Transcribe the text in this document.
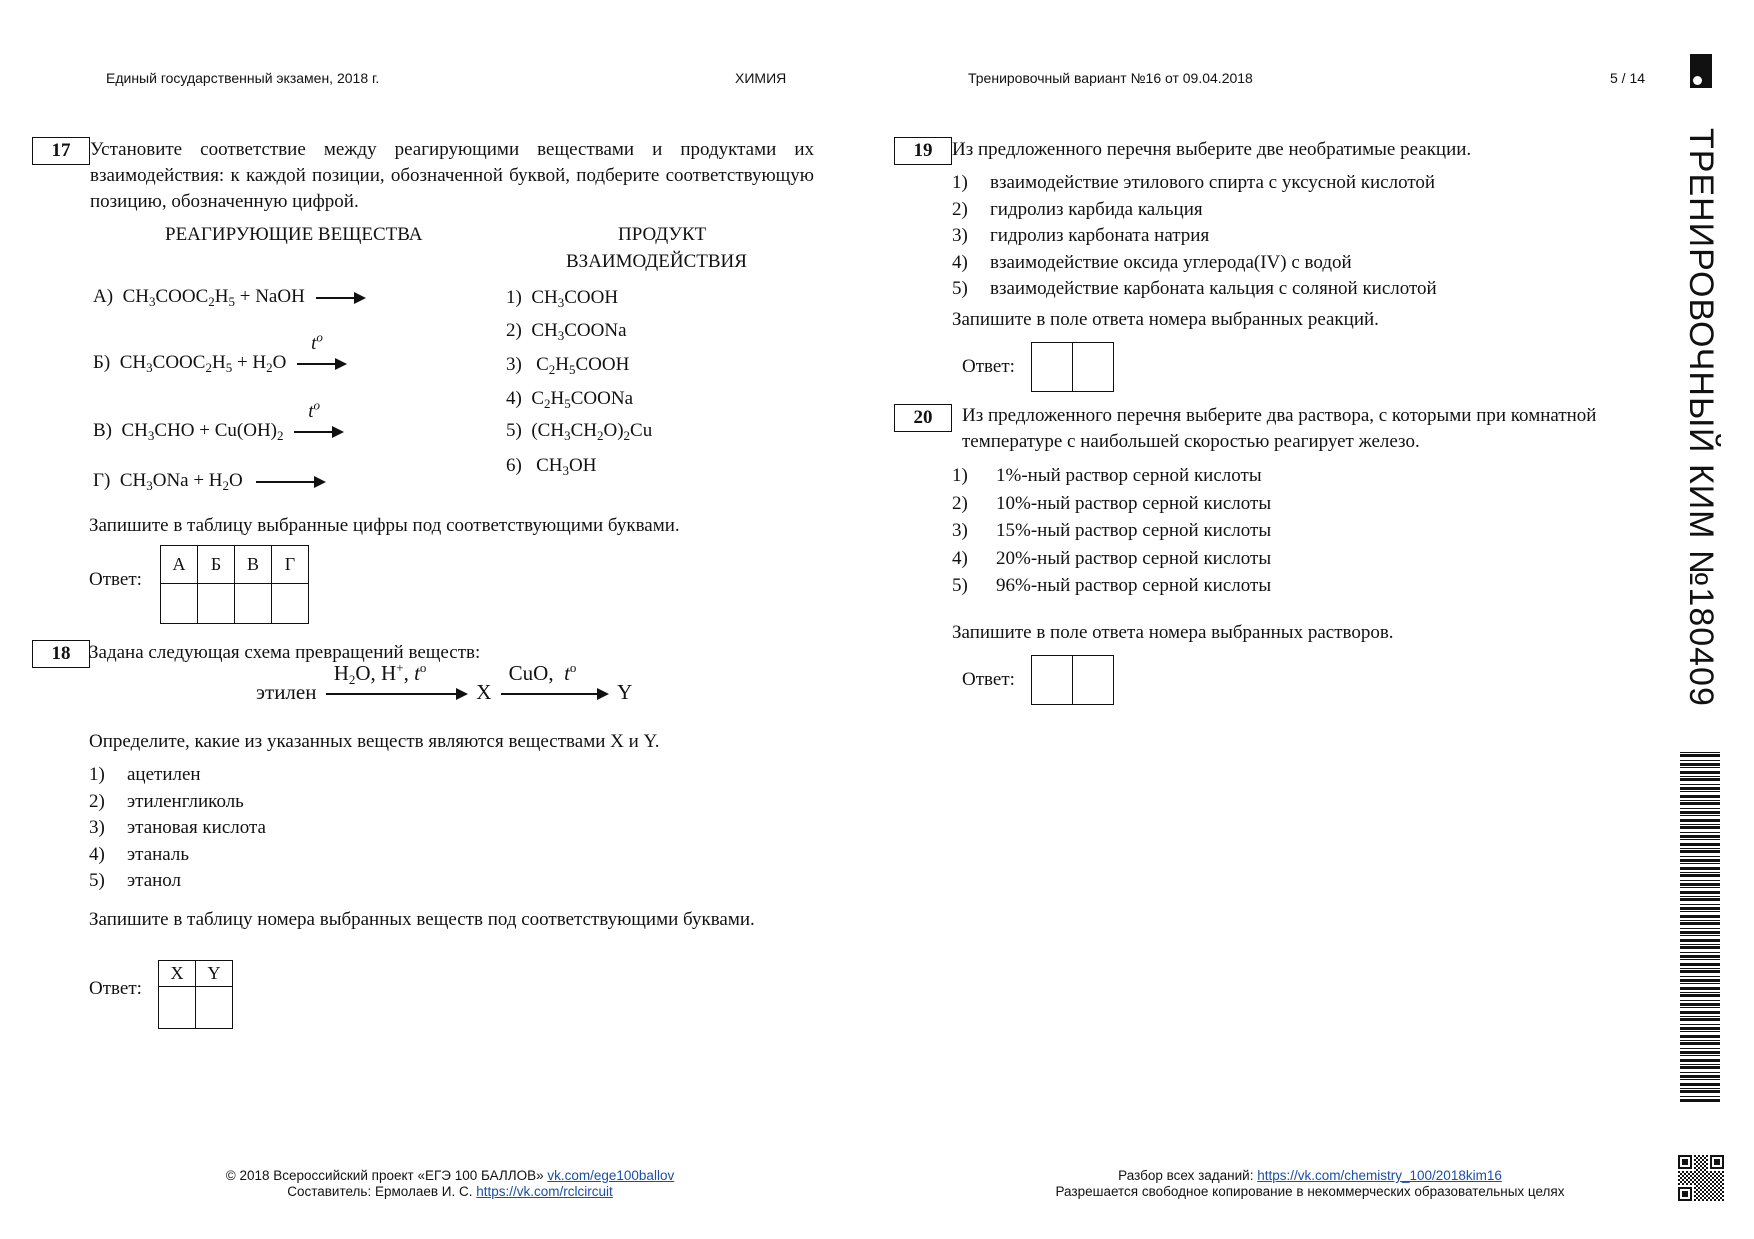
Единый государственный экзамен, 2018 г.	ХИМИЯ	Тренировочный вариант №16 от 09.04.2018	5 / 14
ТРЕНИРОВОЧНЫЙ КИМ №180409
17	Установите соответствие между реагирующими веществами и продуктами их взаимодействия: к каждой позиции, обозначенной буквой, подберите соответствующую позицию, обозначенную цифрой.
РЕАГИРУЮЩИЕ ВЕЩЕСТВА	ПРОДУКТ
ВЗАИМОДЕЙСТВИЯ
А)  $CH_3COOC_2H_5$ + NaOH
Б)  $CH_3COOC_2H_5 + H_2O$
$t^o$
В)  $CH_3CHO + Cu(OH)_2$
$t^o$
Г)  $CH_3ONa + H_2O$
1)  $CH_3COOH$
2)  $CH_3COONa$
3)   $C_2H_5COOH$
4)  $C_2H_5COONa$
5)  $(CH_3CH_2O)_2Cu$
6)   $CH_3OH$
Запишите в таблицу выбранные цифры под соответствующими буквами.
Ответ:
А	Б	В	Г

18 Задана следующая схема превращений веществ:
этилен
$H_2O$, H+, $t^o$
X
CuO,  $t^o$
Y
Определите, какие из указанных веществ являются веществами X и Y.
1) ацетилен
2) этиленгликоль
3) этановая кислота
4) этаналь
5) этанол
Запишите в таблицу номера выбранных веществ под соответствующими буквами.
Ответ:
X	Y

19	Из предложенного перечня выберите две необратимые реакции.
1) взаимодействие этилового спирта с уксусной кислотой
2) гидролиз карбида кальция
3) гидролиз карбоната натрия
4) взаимодействие оксида углерода(IV) с водой
5) взаимодействие карбоната кальция с соляной кислотой
Запишите в поле ответа номера выбранных реакций.
Ответ:

20	Из предложенного перечня выберите два раствора, с которыми при комнатной температуре с наибольшей скоростью реагирует железо.
1) 1%-ный раствор серной кислоты
2) 10%-ный раствор серной кислоты
3) 15%-ный раствор серной кислоты
4) 20%-ный раствор серной кислоты
5) 96%-ный раствор серной кислоты
Запишите в поле ответа номера выбранных растворов.
Ответ:

© 2018 Всероссийский проект «ЕГЭ 100 БАЛЛОВ» vk.com/ege100ballov
Составитель: Ермолаев И. С. https://vk.com/rclcircuit
Разбор всех заданий: https://vk.com/chemistry_100/2018kim16
Разрешается свободное копирование в некоммерческих образовательных целях
